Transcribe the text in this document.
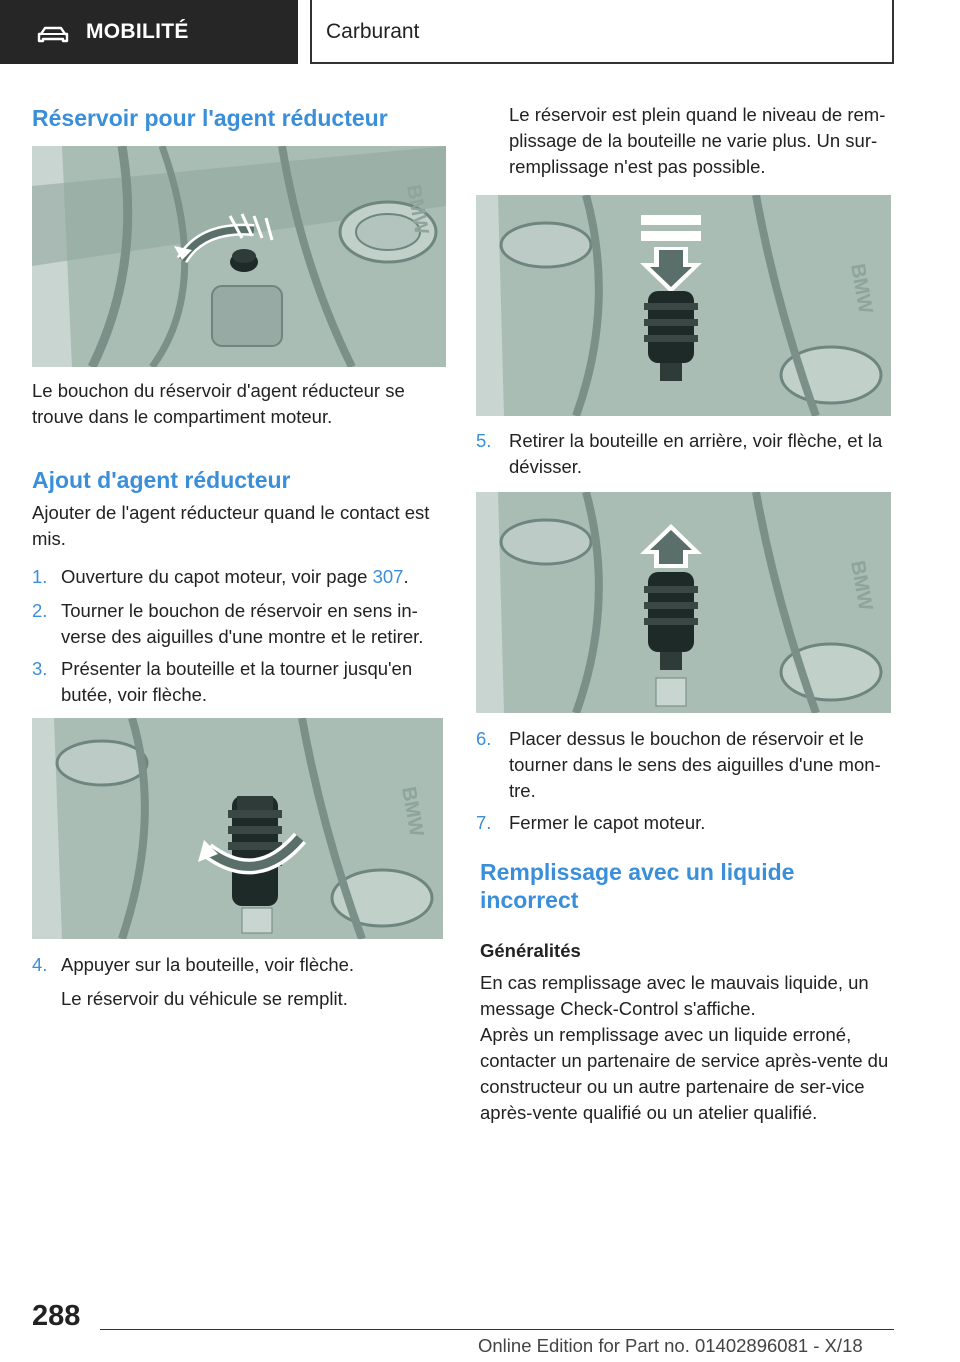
MOBILITÉ	Carburant
Réservoir pour l'agent réducteur
BMW

Le bouchon du réservoir d'agent réducteur se trouve dans le compartiment moteur.

Ajout d'agent réducteur

Ajouter de l'agent réducteur quand le contact est mis.

1. Ouverture du capot moteur, voir page 307.
2. Tourner le bouchon de réservoir en sens in-verse des aiguilles d'une montre et le retirer.
3. Présenter la bouteille et la tourner jusqu'en butée, voir flèche.
BMW
4. Appuyer sur la bouteille, voir flèche.

Le réservoir du véhicule se remplit.

Le réservoir est plein quand le niveau de rem-plissage de la bouteille ne varie plus. Un sur-remplissage n'est pas possible.

BMW
5. Retirer la bouteille en arrière, voir flèche, et la dévisser.
BMW
6. Placer dessus le bouchon de réservoir et le tourner dans le sens des aiguilles d'une mon-tre.
7. Fermer le capot moteur.
Remplissage avec un liquide incorrect

Généralités

En cas remplissage avec le mauvais liquide, un message Check-Control s'affiche.

Après un remplissage avec un liquide erroné, contacter un partenaire de service après-vente du constructeur ou un autre partenaire de ser-vice après-vente qualifié ou un atelier qualifié.

288
Online Edition for Part no. 01402896081 - X/18
